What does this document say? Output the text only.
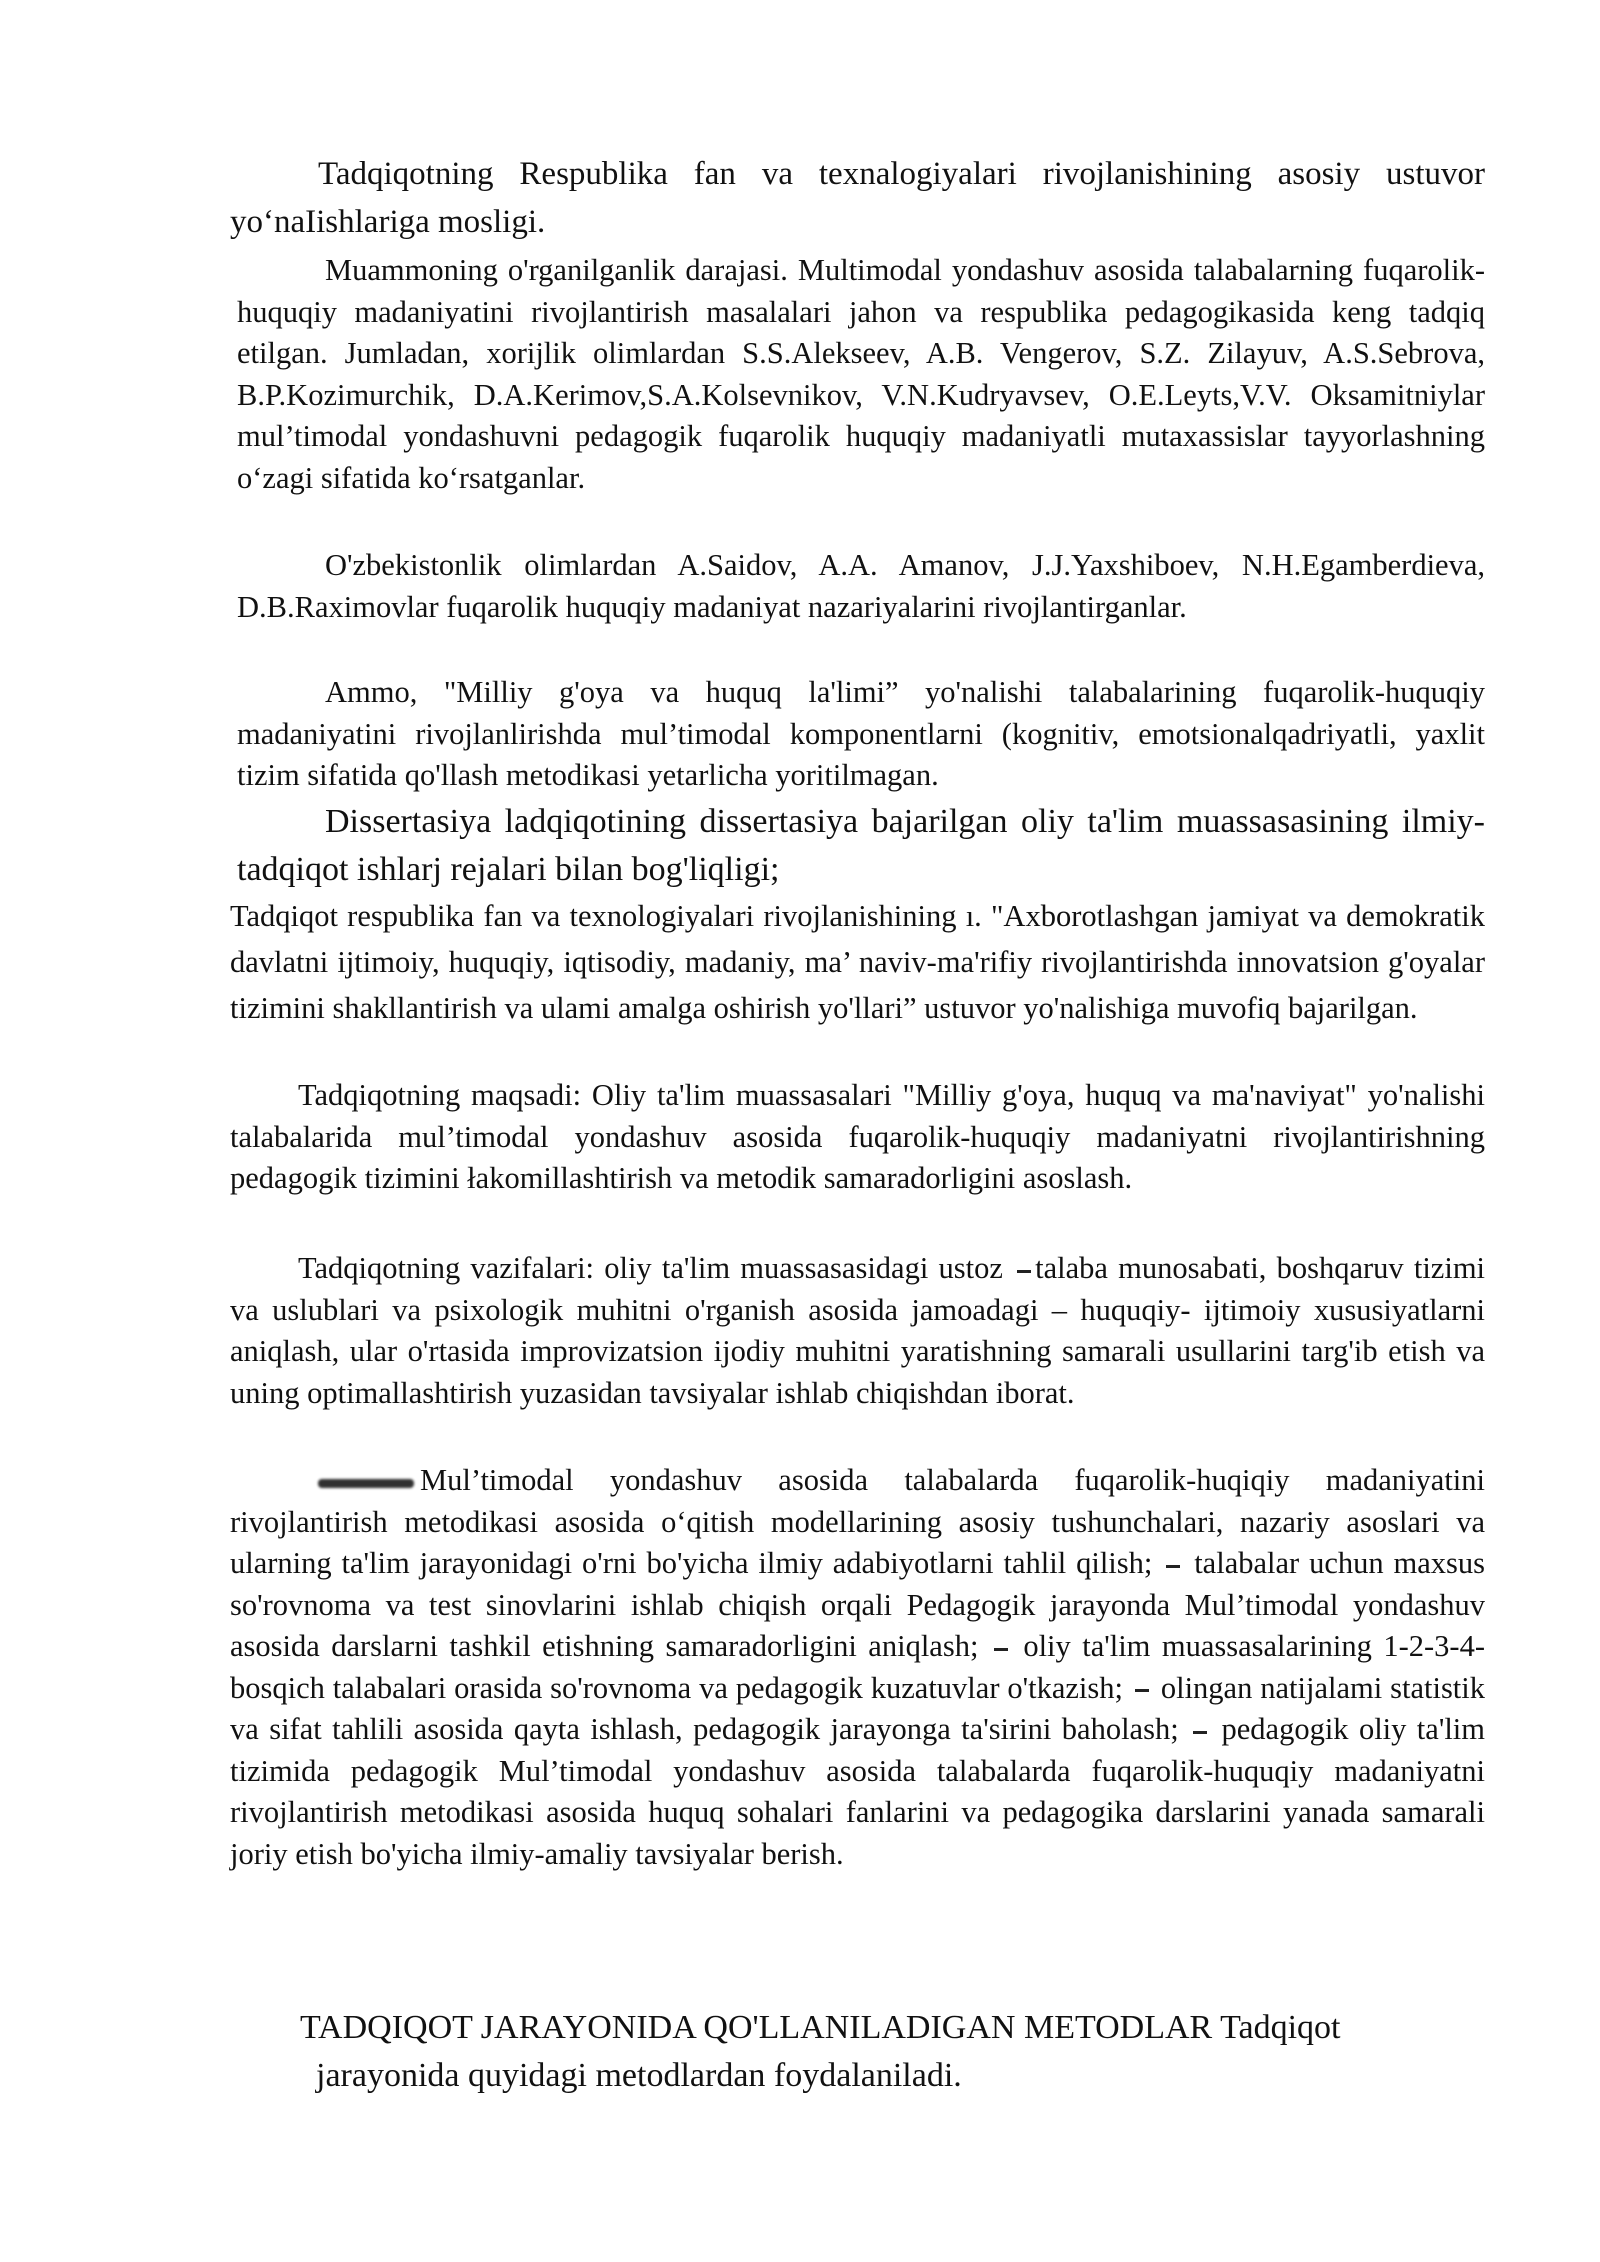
Tadqiqotning Respublika fan va texnalogiyalari rivojlanishining asosiy ustuvor yo‘naIishlariga mosligi.

Muammoning o'rganilganlik darajasi. Multimodal yondashuv asosida talabalarning fuqarolik-huquqiy madaniyatini rivojlantirish masalalari jahon va respublika pedagogikasida keng tadqiq etilgan. Jumladan, xorijlik olimlardan S.S.Alekseev, A.B. Vengerov, S.Z. Zilayuv, A.S.Sebrova, B.P.Kozimurchik, D.A.Kerimov,S.A.Kolsevnikov, V.N.Kudryavsev, O.E.Leyts,V.V. Oksamitniylar mul’timodal yondashuvni pedagogik fuqarolik huquqiy madaniyatli mutaxassislar tayyorlashning o‘zagi sifatida ko‘rsatganlar.

O'zbekistonlik olimlardan A.Saidov, A.A. Amanov, J.J.Yaxshiboev, N.H.Egamberdieva, D.B.Raximovlar fuqarolik huquqiy madaniyat nazariyalarini rivojlantirganlar.

Ammo, "Milliy g'oya va huquq la'limi” yo'nalishi talabalarining fuqarolik-huquqiy madaniyatini rivojlanlirishda mul’timodal komponentlarni (kognitiv, emotsionalqadriyatli, yaxlit tizim sifatida qo'llash metodikasi yetarlicha yoritilmagan.

Dissertasiya ladqiqotining dissertasiya bajarilgan oliy ta'lim muassasasining ilmiy-tadqiqot ishlarj rejalari bilan bog'liqligi;

Tadqiqot respublika fan va texnologiyalari rivojlanishining ı. "Axborotlashgan jamiyat va demokratik davlatni ijtimoiy, huquqiy, iqtisodiy, madaniy, ma’ naviv-ma'rifiy rivojlantirishda innovatsion g'oyalar tizimini shakllantirish va ulami amalga oshirish yo'llari” ustuvor yo'nalishiga muvofiq bajarilgan.

Tadqiqotning maqsadi: Oliy ta'lim muassasalari "Milliy g'oya, huquq va ma'naviyat" yo'nalishi talabalarida mul’timodal yondashuv asosida fuqarolik-huquqiy madaniyatni rivojlantirishning pedagogik tizimini łakomillashtirish va metodik samaradorligini asoslash.

Tadqiqotning vazifalari: oliy ta'lim muassasasidagi ustoz talaba munosabati, boshqaruv tizimi va uslublari va psixologik muhitni o'rganish asosida jamoadagi – huquqiy- ijtimoiy xususiyatlarni aniqlash, ular o'rtasida improvizatsion ijodiy muhitni yaratishning samarali usullarini targ'ib etish va uning optimallashtirish yuzasidan tavsiyalar ishlab chiqishdan iborat.

Mul’timodal yondashuv asosida talabalarda fuqarolik-huqiqiy madaniyatini rivojlantirish metodikasi asosida o‘qitish modellarining asosiy tushunchalari, nazariy asoslari va ularning ta'lim jarayonidagi o'rni bo'yicha ilmiy adabiyotlarni tahlil qilish; talabalar uchun maxsus so'rovnoma va test sinovlarini ishlab chiqish orqali Pedagogik jarayonda Mul’timodal yondashuv asosida darslarni tashkil etishning samaradorligini aniqlash; oliy ta'lim muassasalarining 1-2-3-4-bosqich talabalari orasida so'rovnoma va pedagogik kuzatuvlar o'tkazish; olingan natijalami statistik va sifat tahlili asosida qayta ishlash, pedagogik jarayonga ta'sirini baholash; pedagogik oliy ta'lim tizimida pedagogik Mul’timodal yondashuv asosida talabalarda fuqarolik-huquqiy madaniyatni rivojlantirish metodikasi asosida huquq sohalari fanlarini va pedagogika darslarini yanada samarali joriy etish bo'yicha ilmiy-amaliy tavsiyalar berish.

TADQIQOT JARAYONIDA QO'LLANILADIGAN METODLAR Tadqiqot
jarayonida quyidagi metodlardan foydalaniladi.
